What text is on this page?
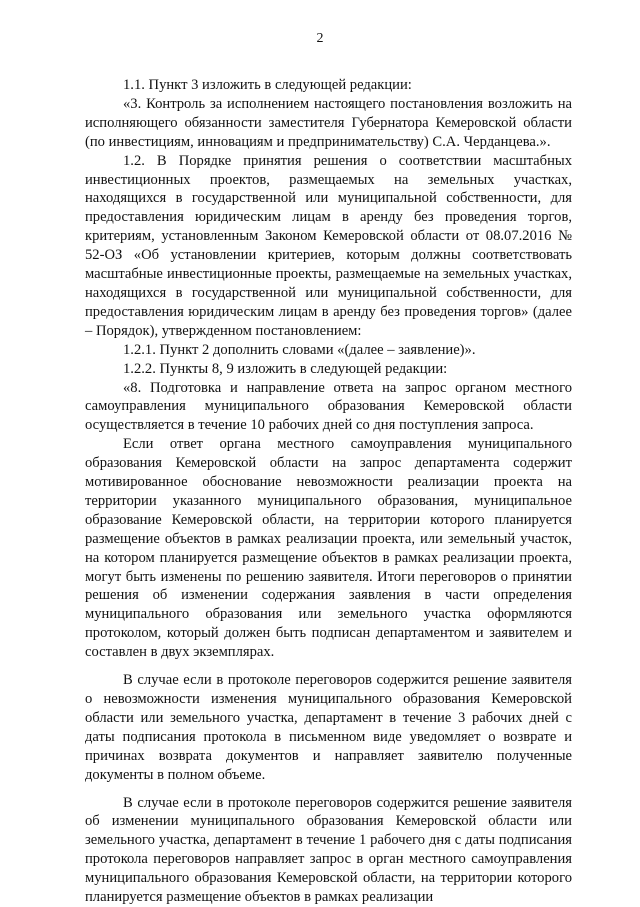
2

1.1. Пункт 3 изложить в следующей редакции:

«3. Контроль за исполнением настоящего постановления возложить на исполняющего обязанности заместителя Губернатора Кемеровской области (по инвестициям, инновациям и предпринимательству) С.А. Черданцева.».

1.2. В Порядке принятия решения о соответствии масштабных инвестиционных проектов, размещаемых на земельных участках, находящихся в государственной или муниципальной собственности, для предоставления юридическим лицам в аренду без проведения торгов, критериям, установленным Законом Кемеровской области от 08.07.2016 № 52-ОЗ «Об установлении критериев, которым должны соответствовать масштабные инвестиционные проекты, размещаемые на земельных участках, находящихся в государственной или муниципальной собственности, для предоставления юридическим лицам в аренду без проведения торгов» (далее – Порядок), утвержденном постановлением:

1.2.1. Пункт 2 дополнить словами «(далее – заявление)».

1.2.2. Пункты 8, 9 изложить в следующей редакции:

«8. Подготовка и направление ответа на запрос органом местного самоуправления муниципального образования Кемеровской области осуществляется в течение 10 рабочих дней со дня поступления запроса.

Если ответ органа местного самоуправления муниципального образования Кемеровской области на запрос департамента содержит мотивированное обоснование невозможности реализации проекта на территории указанного муниципального образования, муниципальное образование Кемеровской области, на территории которого планируется размещение объектов в рамках реализации проекта, или земельный участок, на котором планируется размещение объектов в рамках реализации проекта, могут быть изменены по решению заявителя. Итоги переговоров о принятии решения об изменении содержания заявления в части определения муниципального образования или земельного участка оформляются протоколом, который должен быть подписан департаментом и заявителем и составлен в двух экземплярах.

В случае если в протоколе переговоров содержится решение заявителя о невозможности изменения муниципального образования Кемеровской области или земельного участка, департамент в течение 3 рабочих дней с даты подписания протокола в письменном виде уведомляет о возврате и причинах возврата документов и направляет заявителю полученные документы в полном объеме.

В случае если в протоколе переговоров содержится решение заявителя об изменении муниципального образования Кемеровской области или земельного участка, департамент в течение 1 рабочего дня с даты подписания протокола переговоров направляет запрос в орган местного самоуправления муниципального образования Кемеровской области, на территории которого планируется размещение объектов в рамках реализации
